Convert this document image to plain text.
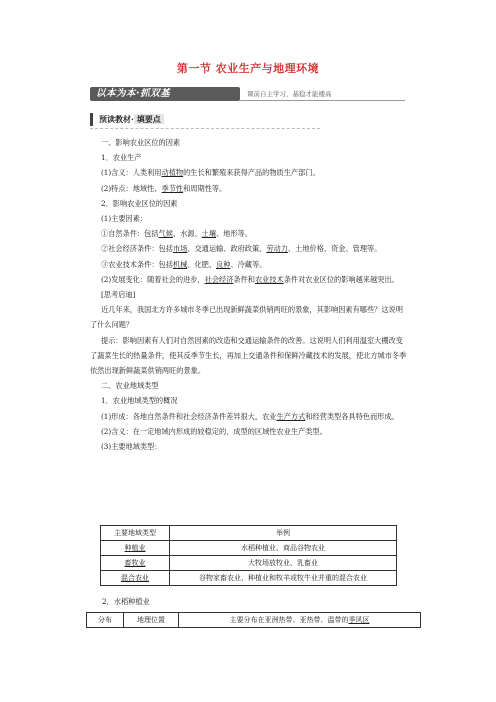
第一节 农业生产与地理环境
以本为本·抓双基	课前自主学习，基稳才能楼高
预读教材· 填要点

一、影响农业区位的因素

1．农业生产

(1)含义：人类利用动植物的生长和繁殖来获得产品的物质生产部门。

(2)特点：地域性、季节性和周期性等。

2．影响农业区位的因素

(1)主要因素：

①自然条件：包括气候、水源、土壤、地形等。

②社会经济条件：包括市场、交通运输、政府政策、劳动力、土地价格、资金、管理等。

③农业技术条件：包括机械、化肥、良种、冷藏等。

(2)发展变化：随着社会的进步，社会经济条件和农业技术条件对农业区位的影响越来越突出。

[思考启迪]

近几年来，我国北方许多城市冬季已出现新鲜蔬菜供销两旺的景象，其影响因素有哪些？这说明了什么问题？

提示：影响因素有人们对自然因素的改造和交通运输条件的改善。这说明人们利用温室大棚改变了蔬菜生长的热量条件，使其反季节生长，再加上交通条件和保鲜冷藏技术的发展，使北方城市冬季依然出现新鲜蔬菜供销两旺的景象。

二、农业地域类型

1．农业地域类型的概况

(1)形成：各地自然条件和社会经济条件差异很大，农业生产方式和经营类型各具特色而形成。

(2)含义：在一定地域内形成的较稳定的、成型的区域性农业生产类型。

(3)主要地域类型：

主要地域类型	举例
种植业	水稻种植业、商品谷物农业
畜牧业	大牧场放牧业、乳畜业
混合农业	谷物家畜农业、种植业和牧羊或牧牛业并重的混合农业
2．水稻种植业
分布	地理位置	主要分布在亚洲热带、亚热带、温带的季风区
